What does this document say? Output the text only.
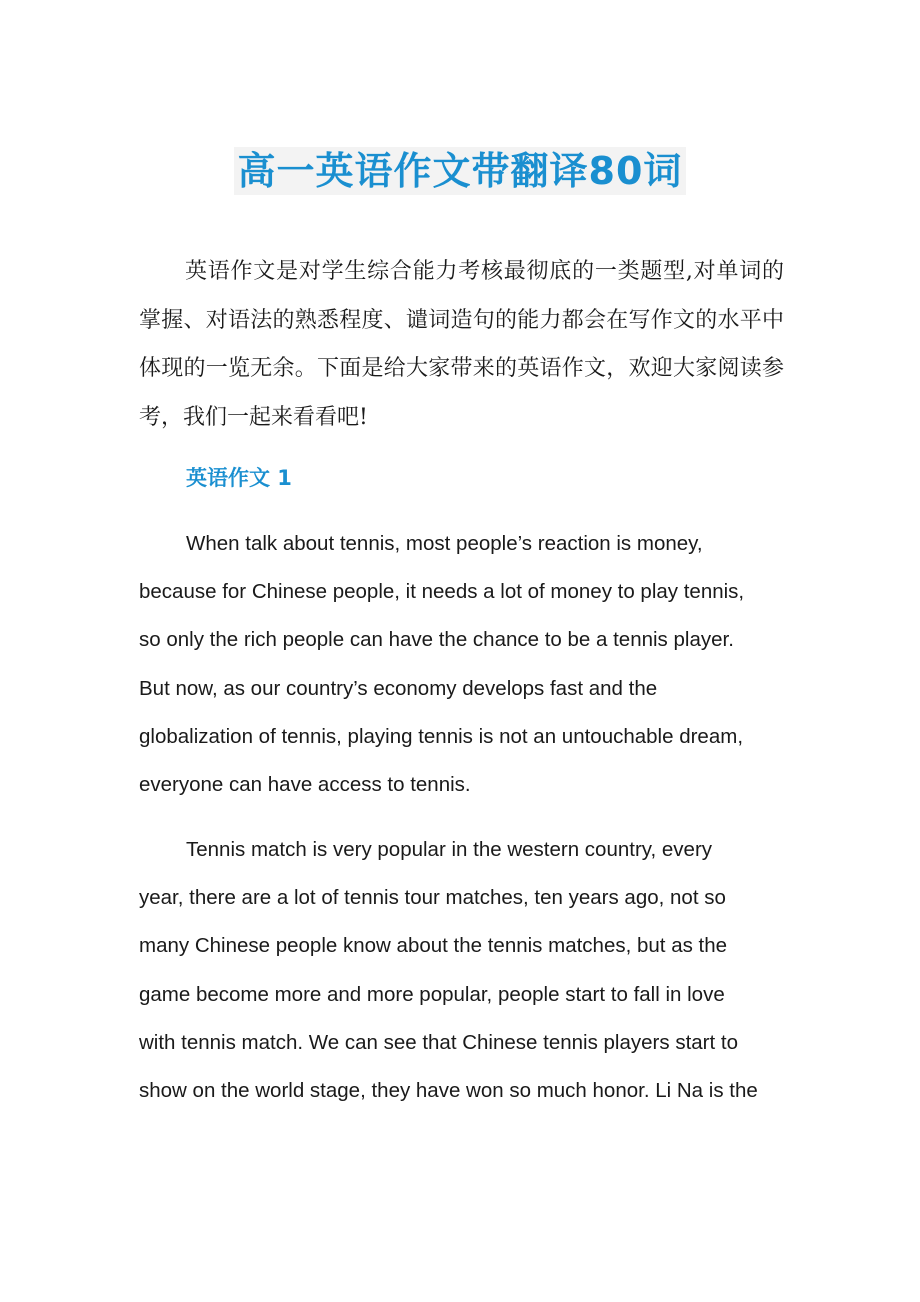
高一英语作文带翻译80词

英语作文是对学生综合能力考核最彻底的一类题型,对单词的掌握、对语法的熟悉程度、谴词造句的能力都会在写作文的水平中体现的一览无余。下面是给大家带来的英语作文，欢迎大家阅读参考，我们一起来看看吧!

英语作文 1

When talk about tennis, most people’s reaction is money,
because for Chinese people, it needs a lot of money to play tennis,
so only the rich people can have the chance to be a tennis player.
But now, as our country’s economy develops fast and the
globalization of tennis, playing tennis is not an untouchable dream,
everyone can have access to tennis.

Tennis match is very popular in the western country, every
year, there are a lot of tennis tour matches, ten years ago, not so
many Chinese people know about the tennis matches, but as the
game become more and more popular, people start to fall in love
with tennis match. We can see that Chinese tennis players start to
show on the world stage, they have won so much honor. Li Na is the
